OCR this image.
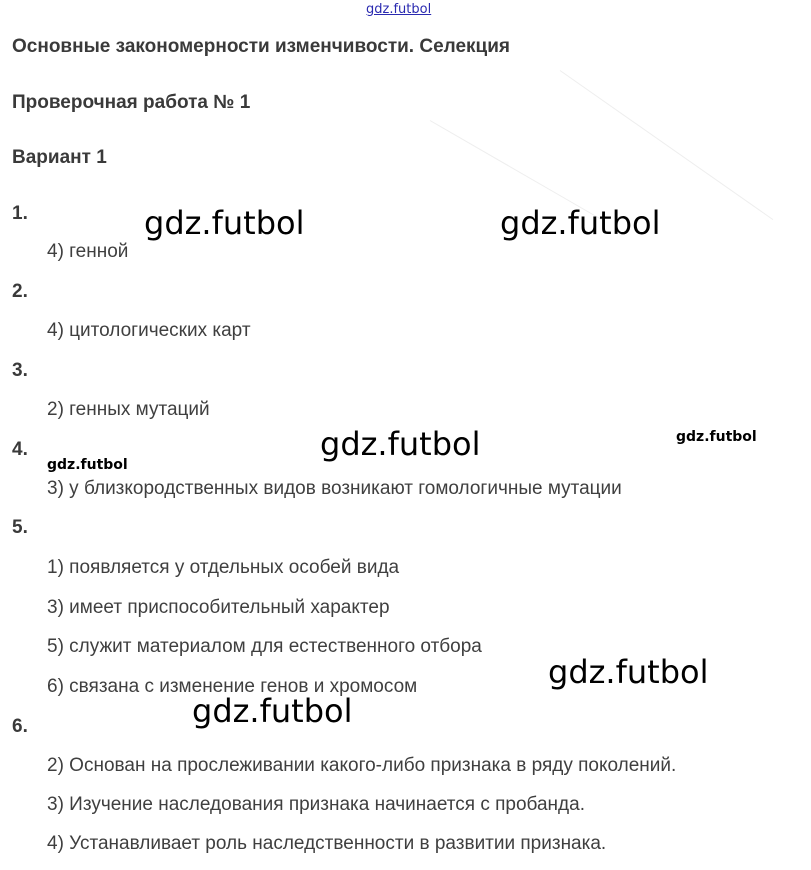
gdz.futbol
Основные закономерности изменчивости. Селекция
Проверочная работа № 1
Вариант 1
1.
4) генной
2.
4) цитологических карт
3.
2) генных мутаций
4.
3) у близкородственных видов возникают гомологичные мутации
5.
1) появляется у отдельных особей вида
3) имеет приспособительный характер
5) служит материалом для естественного отбора
6) связана с изменение генов и хромосом
6.
2) Основан на прослеживании какого-либо признака в ряду поколений.
3) Изучение наследования признака начинается с пробанда.
4) Устанавливает роль наследственности в развитии признака.
gdz.futbol	gdz.futbol
gdz.futbol	gdz.futbol
gdz.futbol
gdz.futbol
gdz.futbol
